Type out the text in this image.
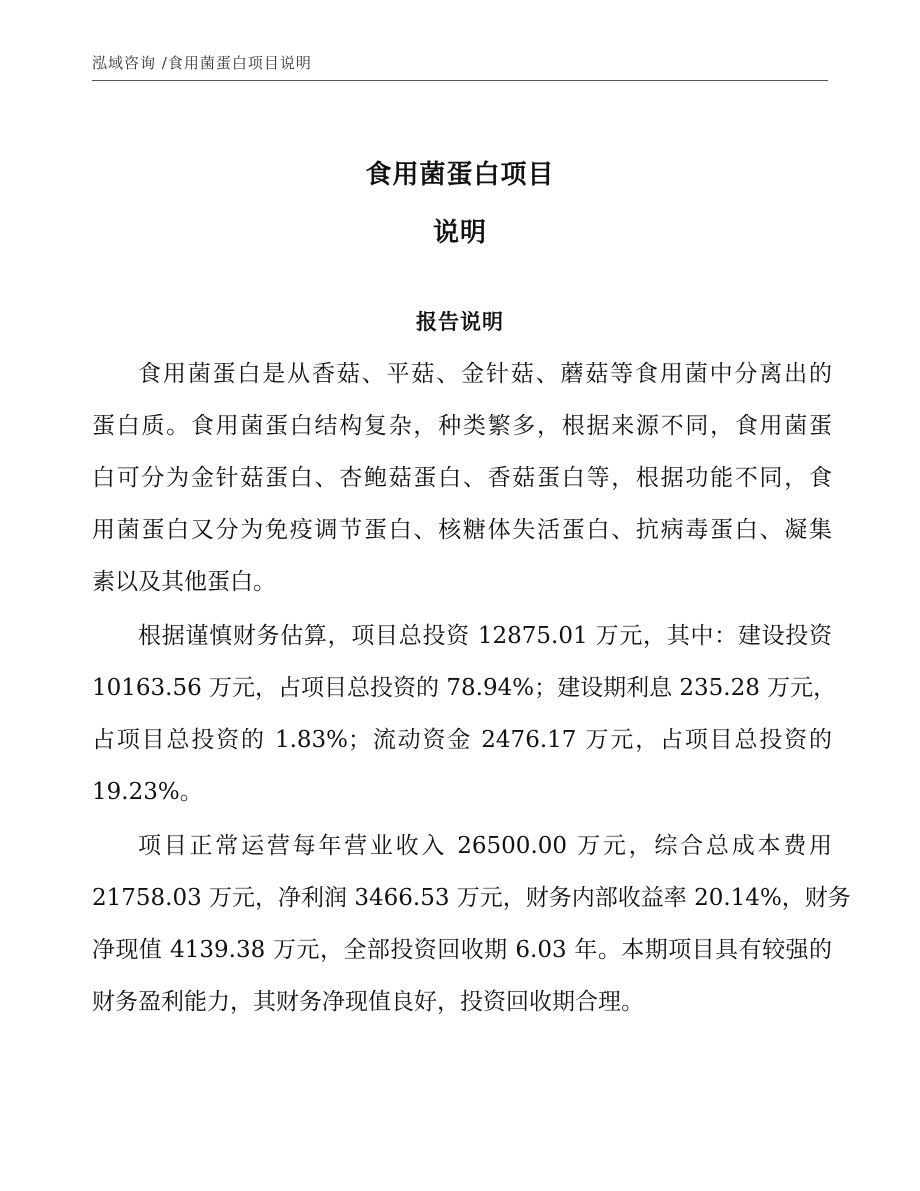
泓域咨询 /食用菌蛋白项目说明
食用菌蛋白项目
说明
报告说明
食用菌蛋白是从香菇、平菇、金针菇、蘑菇等食用菌中分离出的
蛋白质。食用菌蛋白结构复杂，种类繁多，根据来源不同，食用菌蛋
白可分为金针菇蛋白、杏鲍菇蛋白、香菇蛋白等，根据功能不同，食
用菌蛋白又分为免疫调节蛋白、核糖体失活蛋白、抗病毒蛋白、凝集
素以及其他蛋白。
根据谨慎财务估算，项目总投资 12875.01 万元，其中：建设投资
10163.56 万元，占项目总投资的 78.94%；建设期利息 235.28 万元，
占项目总投资的 1.83%；流动资金 2476.17 万元，占项目总投资的
19.23%。
项目正常运营每年营业收入 26500.00 万元，综合总成本费用
21758.03 万元，净利润 3466.53 万元，财务内部收益率 20.14%，财务
净现值 4139.38 万元，全部投资回收期 6.03 年。本期项目具有较强的
财务盈利能力，其财务净现值良好，投资回收期合理。
